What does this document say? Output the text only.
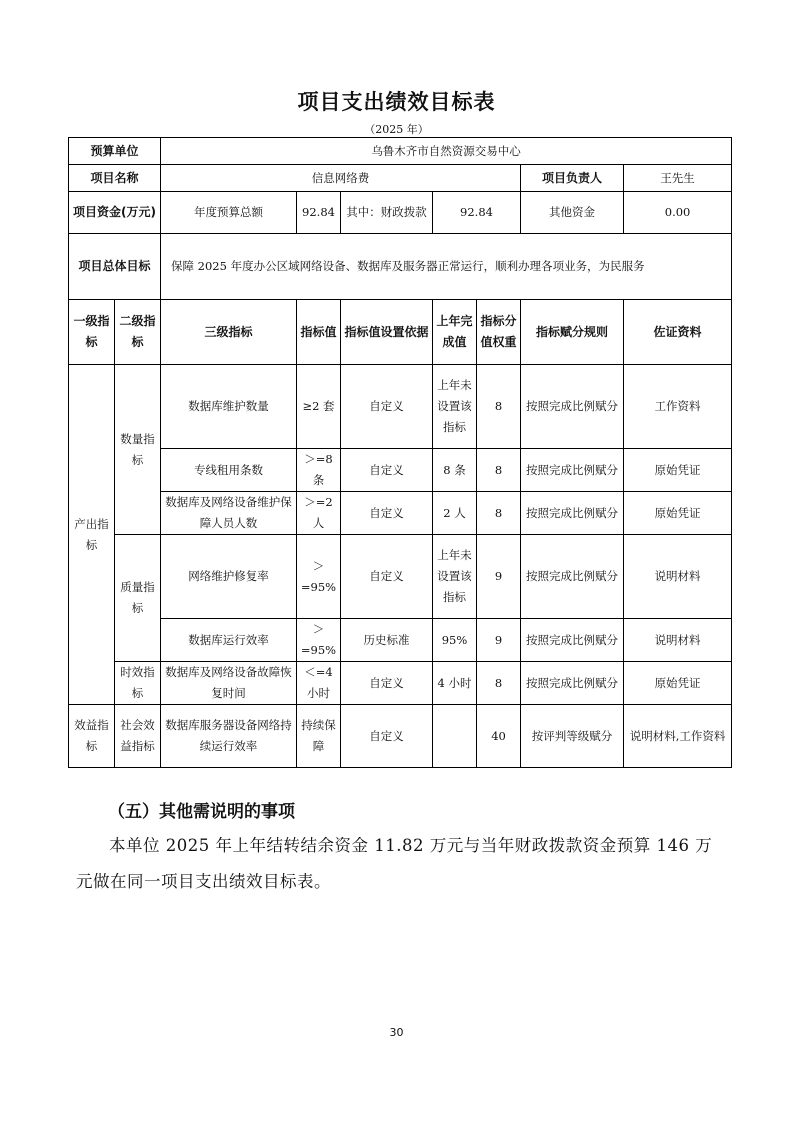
项目支出绩效目标表
（2025 年）
预算单位		乌鲁木齐市自然资源交易中心						
项目名称		信息网络费					项目负责人	王先生
项目资金(万元)		年度预算总额	92.84	其中：财政拨款	92.84		其他资金	0.00
项目总体目标		保障 2025 年度办公区域网络设备、数据库及服务器正常运行，顺利办理各项业务，为民服务						
一级指标	二级指标	三级指标	指标值	指标值设置依据	上年完成值	指标分值权重	指标赋分规则	佐证资料
产出指标	数量指标	数据库维护数量	≥2 套	自定义	上年未设置该指标	8	按照完成比例赋分	工作资料
		专线租用条数	＞=8 条	自定义	8 条	8	按照完成比例赋分	原始凭证
		数据库及网络设备维护保障人员人数	＞=2 人	自定义	2 人	8	按照完成比例赋分	原始凭证
	质量指标	网络维护修复率	＞ =95%	自定义	上年未设置该指标	9	按照完成比例赋分	说明材料
		数据库运行效率	＞ =95%	历史标准	95%	9	按照完成比例赋分	说明材料
	时效指标	数据库及网络设备故障恢复时间	＜=4 小时	自定义	4 小时	8	按照完成比例赋分	原始凭证
效益指标	社会效益指标	数据库服务器设备网络持续运行效率	持续保障	自定义		40	按评判等级赋分	说明材料,工作资料
（五）其他需说明的事项
本单位 2025 年上年结转结余资金 11.82 万元与当年财政拨款资金预算 146 万元做在同一项目支出绩效目标表。
30
